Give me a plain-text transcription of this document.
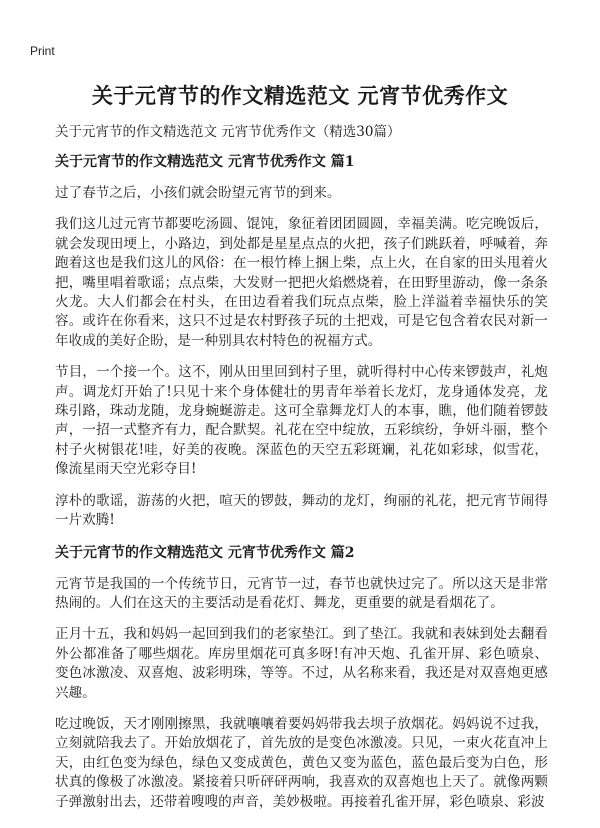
Print
关于元宵节的作文精选范文 元宵节优秀作文

关于元宵节的作文精选范文 元宵节优秀作文（精选30篇）

关于元宵节的作文精选范文 元宵节优秀作文 篇1

过了春节之后，小孩们就会盼望元宵节的到来。

我们这儿过元宵节都要吃汤圆、馄饨，象征着团团圆圆，幸福美满。吃完晚饭后，就会发现田埂上，小路边，到处都是星星点点的火把，孩子们跳跃着，呼喊着，奔跑着这也是我们这儿的风俗：在一根竹棒上捆上柴，点上火，在自家的田头甩着火把，嘴里唱着歌谣；点点柴，大发财一把把火焰燃烧着，在田野里游动，像一条条火龙。大人们都会在村头，在田边看着我们玩点点柴，脸上洋溢着幸福快乐的笑容。或许在你看来，这只不过是农村野孩子玩的土把戏，可是它包含着农民对新一年收成的美好企盼，是一种别具农村特色的祝福方式。

节目，一个接一个。这不，刚从田里回到村子里，就听得村中心传来锣鼓声，礼炮声。调龙灯开始了!只见十来个身体健壮的男青年举着长龙灯，龙身通体发亮，龙珠引路，珠动龙随，龙身蜿蜒游走。这可全靠舞龙灯人的本事，瞧，他们随着锣鼓声，一招一式整齐有力，配合默契。礼花在空中绽放，五彩缤纷，争妍斗丽，整个村子火树银花!哇，好美的夜晚。深蓝色的天空五彩斑斓，礼花如彩球，似雪花，像流星雨天空光彩夺目!

淳朴的歌谣，游荡的火把，喧天的锣鼓，舞动的龙灯，绚丽的礼花，把元宵节闹得一片欢腾!

关于元宵节的作文精选范文 元宵节优秀作文 篇2

元宵节是我国的一个传统节日，元宵节一过，春节也就快过完了。所以这天是非常热闹的。人们在这天的主要活动是看花灯、舞龙，更重要的就是看烟花了。

正月十五，我和妈妈一起回到我们的老家垫江。到了垫江。我就和表妹到处去翻看外公都准备了哪些烟花。库房里烟花可真多呀!有冲天炮、孔雀开屏、彩色喷泉、变色冰激凌、双喜炮、波彩明珠，等等。不过，从名称来看，我还是对双喜炮更感兴趣。

吃过晚饭，天才刚刚擦黑，我就嚷嚷着要妈妈带我去坝子放烟花。妈妈说不过我，立刻就陪我去了。开始放烟花了，首先放的是变色冰激凌。只见，一束火花直冲上天，由红色变为绿色，绿色又变成黄色，黄色又变为蓝色，蓝色最后变为白色，形状真的像极了冰激凌。紧接着只听砰砰两响，我喜欢的双喜炮也上天了。就像两颗子弹激射出去，还带着嗖嗖的声音，美妙极啦。再接着孔雀开屏，彩色喷泉、彩波
